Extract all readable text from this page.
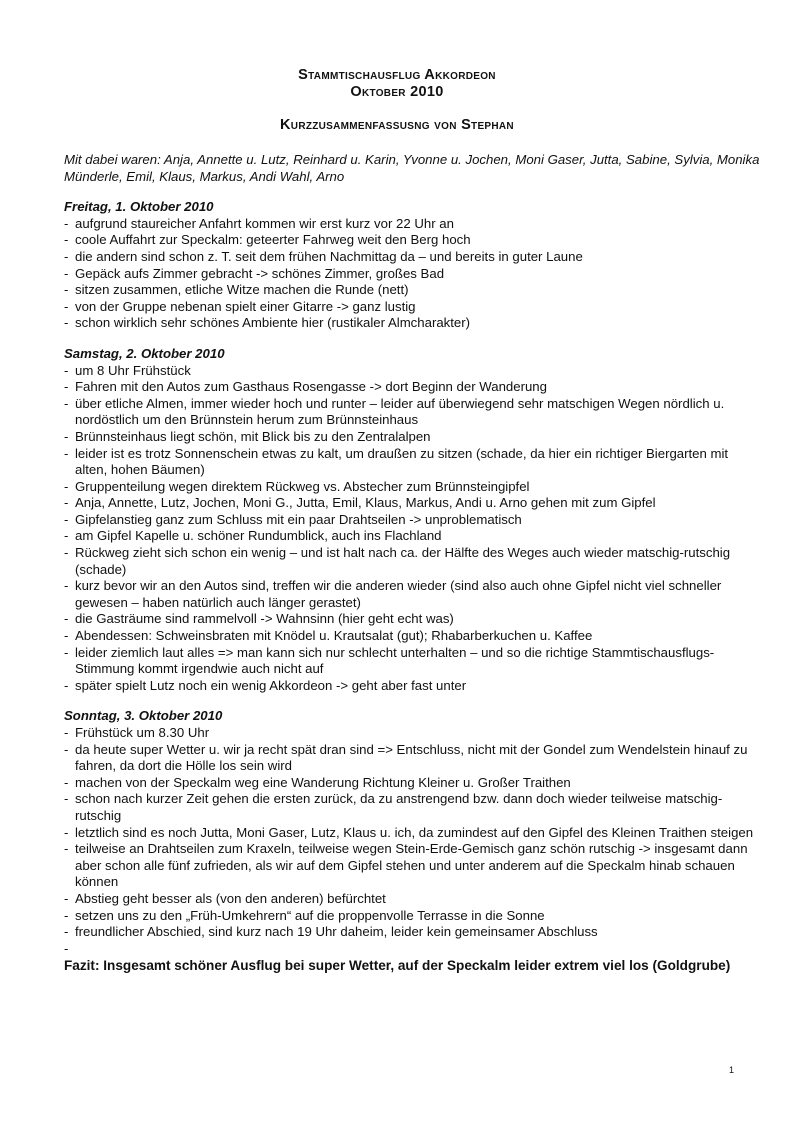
Stammtischausflug Akkordeon
Oktober 2010
Kurzzusammenfassusng von Stephan

Mit dabei waren: Anja, Annette u. Lutz, Reinhard u. Karin, Yvonne u. Jochen, Moni Gaser, Jutta, Sabine, Sylvia, Monika Münderle, Emil, Klaus, Markus, Andi Wahl, Arno

Freitag, 1. Oktober 2010

- aufgrund staureicher Anfahrt kommen wir erst kurz vor 22 Uhr an
- coole Auffahrt zur Speckalm: geteerter Fahrweg weit den Berg hoch
- die andern sind schon z. T. seit dem frühen Nachmittag da – und bereits in guter Laune
- Gepäck aufs Zimmer gebracht -> schönes Zimmer, großes Bad
- sitzen zusammen, etliche Witze machen die Runde (nett)
- von der Gruppe nebenan spielt einer Gitarre -> ganz lustig
- schon wirklich sehr schönes Ambiente hier (rustikaler Almcharakter)

Samstag, 2. Oktober 2010

- um 8 Uhr Frühstück
- Fahren mit den Autos zum Gasthaus Rosengasse -> dort Beginn der Wanderung
- über etliche Almen, immer wieder hoch und runter – leider auf überwiegend sehr matschigen Wegen nördlich u. nordöstlich um den Brünnstein herum zum Brünnsteinhaus
- Brünnsteinhaus liegt schön, mit Blick bis zu den Zentralalpen
- leider ist es trotz Sonnenschein etwas zu kalt, um draußen zu sitzen (schade, da hier ein richtiger Biergarten mit alten, hohen Bäumen)
- Gruppenteilung wegen direktem Rückweg vs. Abstecher zum Brünnsteingipfel
- Anja, Annette, Lutz, Jochen, Moni G., Jutta, Emil, Klaus, Markus, Andi u. Arno gehen mit zum Gipfel
- Gipfelanstieg ganz zum Schluss mit ein paar Drahtseilen -> unproblematisch
- am Gipfel Kapelle u. schöner Rundumblick, auch ins Flachland
- Rückweg zieht sich schon ein wenig – und ist halt nach ca. der Hälfte des Weges auch wieder matschig-rutschig (schade)
- kurz bevor wir an den Autos sind, treffen wir die anderen wieder (sind also auch ohne Gipfel nicht viel schneller gewesen – haben natürlich auch länger gerastet)
- die Gasträume sind rammelvoll -> Wahnsinn (hier geht echt was)
- Abendessen: Schweinsbraten mit Knödel u. Krautsalat (gut); Rhabarberkuchen u. Kaffee
- leider ziemlich laut alles => man kann sich nur schlecht unterhalten – und so die richtige Stammtischausflugs-Stimmung kommt irgendwie auch nicht auf
- später spielt Lutz noch ein wenig Akkordeon -> geht aber fast unter

Sonntag, 3. Oktober 2010

- Frühstück um 8.30 Uhr
- da heute super Wetter u. wir ja recht spät dran sind => Entschluss, nicht mit der Gondel zum Wendelstein hinauf zu fahren, da dort die Hölle los sein wird
- machen von der Speckalm weg eine Wanderung Richtung Kleiner u. Großer Traithen
- schon nach kurzer Zeit gehen die ersten zurück, da zu anstrengend bzw. dann doch wieder teilweise matschig-rutschig
- letztlich sind es noch Jutta, Moni Gaser, Lutz, Klaus u. ich, da zumindest auf den Gipfel des Kleinen Traithen steigen
- teilweise an Drahtseilen zum Kraxeln, teilweise wegen Stein-Erde-Gemisch ganz schön rutschig -> insgesamt dann aber schon alle fünf zufrieden, als wir auf dem Gipfel stehen und unter anderem auf die Speckalm hinab schauen können
- Abstieg geht besser als (von den anderen) befürchtet
- setzen uns zu den „Früh-Umkehrern“ auf die proppenvolle Terrasse in die Sonne
- freundlicher Abschied, sind kurz nach 19 Uhr daheim, leider kein gemeinsamer Abschluss

-

Fazit: Insgesamt schöner Ausflug bei super Wetter, auf der Speckalm leider extrem viel los (Goldgrube)

1
